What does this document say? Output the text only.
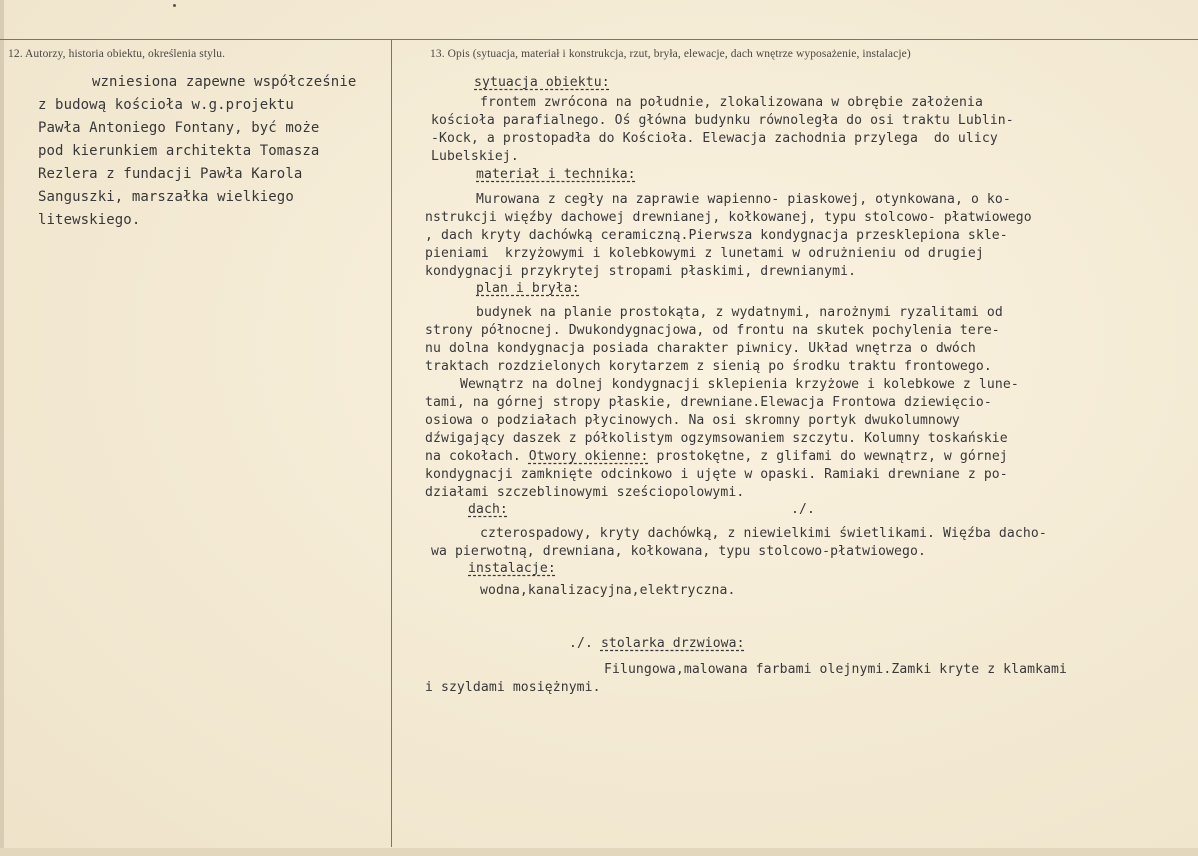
12. Autorzy, historia obiektu, określenia stylu.	13. Opis (sytuacja, materiał i konstrukcja, rzut, bryła, elewacje, dach wnętrze wyposażenie, instalacje)
wzniesiona zapewne współcześnie
z budową kościoła w.g.projektu
Pawła Antoniego Fontany, być może
pod kierunkiem architekta Tomasza
Rezlera z fundacji Pawła Karola
Sanguszki, marszałka wielkiego
litewskiego.
sytuacja obiektu:
frontem zwrócona na południe, zlokalizowana w obrębie założenia
kościoła parafialnego. Oś główna budynku równoległa do osi traktu Lublin-
-Kock, a prostopadła do Kościoła. Elewacja zachodnia przylega  do ulicy
Lubelskiej.
materiał i technika:
Murowana z cegły na zaprawie wapienno- piaskowej, otynkowana, o ko-
nstrukcji więźby dachowej drewnianej, kołkowanej, typu stolcowo- płatwiowego
, dach kryty dachówką ceramiczną.Pierwsza kondygnacja przesklepiona sklе-
pieniami  krzyżowymi i kolebkowymi z lunetami w odrużnieniu od drugiej
kondygnacji przykrytej stropami płaskimi, drewnianymi.
plan i bryła:
budynek na planie prostokąta, z wydatnymi, narożnymi ryzalitami od
strony północnej. Dwukondygnacjowa, od frontu na skutek pochylenia tere-
nu dolna kondygnacja posiada charakter piwnicy. Układ wnętrza o dwóch
traktach rozdzielonych korytarzem z sienią po środku traktu frontowego.
Wewnątrz na dolnej kondygnacji sklepienia krzyżowe i kolebkowe z lune-
tami, na górnej stropy płaskie, drewniane.Elewacja Frontowa dziewięcio-
osiowa o podziałach płycinowych. Na osi skromny portyk dwukolumnowy
dźwigający daszek z półkolistym ogzymsowaniem szczytu. Kolumny toskańskie
na cokołach. Otwory okienne: prostokętne, z glifami do wewnątrz, w górnej
kondygnacji zamknięte odcinkowo i ujęte w opaski. Ramiaki drewniane z po-
działami szczeblinowymi sześciopolowymi.
dach:	./.
czterospadowy, kryty dachówką, z niewielkimi świetlikami. Więźba dacho-
wa pierwotną, drewniana, kołkowana, typu stolcowo-płatwiowego.
instalacje:
wodna,kanalizacyjna,elektryczna.
./. stolarka drzwiowa:
Filungowa,malowana farbami olejnymi.Zamki kryte z klamkami
i szyldami mosiężnymi.
